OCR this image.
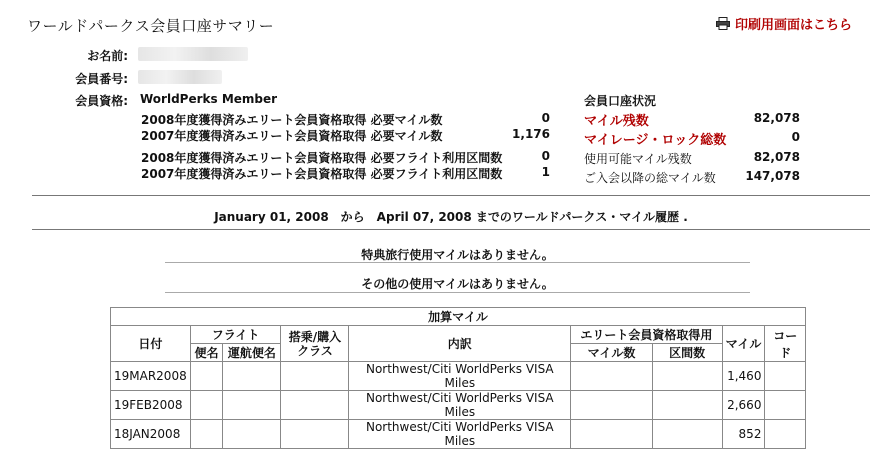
ワールドパークス会員口座サマリー	印刷用画面はこちら
お名前:
会員番号:
会員資格: WorldPerks Member
2008年度獲得済みエリート会員資格取得 必要マイル数	0
2007年度獲得済みエリート会員資格取得 必要マイル数	1,176
2008年度獲得済みエリート会員資格取得 必要フライト利用区間数	0
2007年度獲得済みエリート会員資格取得 必要フライト利用区間数	1
会員口座状況
マイル残数	82,078
マイレージ・ロック総数	0
使用可能マイル残数	82,078
ご入会以降の総マイル数	147,078
January 01, 2008　から　April 07, 2008 までのワールドパークス・マイル履歴 .
特典旅行使用マイルはありません。
その他の使用マイルはありません。
加算マイル								
日付	フライト		搭乗/購入 クラス	内訳	エリート会員資格取得用		マイル	コード
	便名	運航便名			マイル数	区間数		
19MAR2008				Northwest/Citi WorldPerks VISA Miles			1,460	
19FEB2008				Northwest/Citi WorldPerks VISA Miles			2,660	
18JAN2008				Northwest/Citi WorldPerks VISA Miles			852	
